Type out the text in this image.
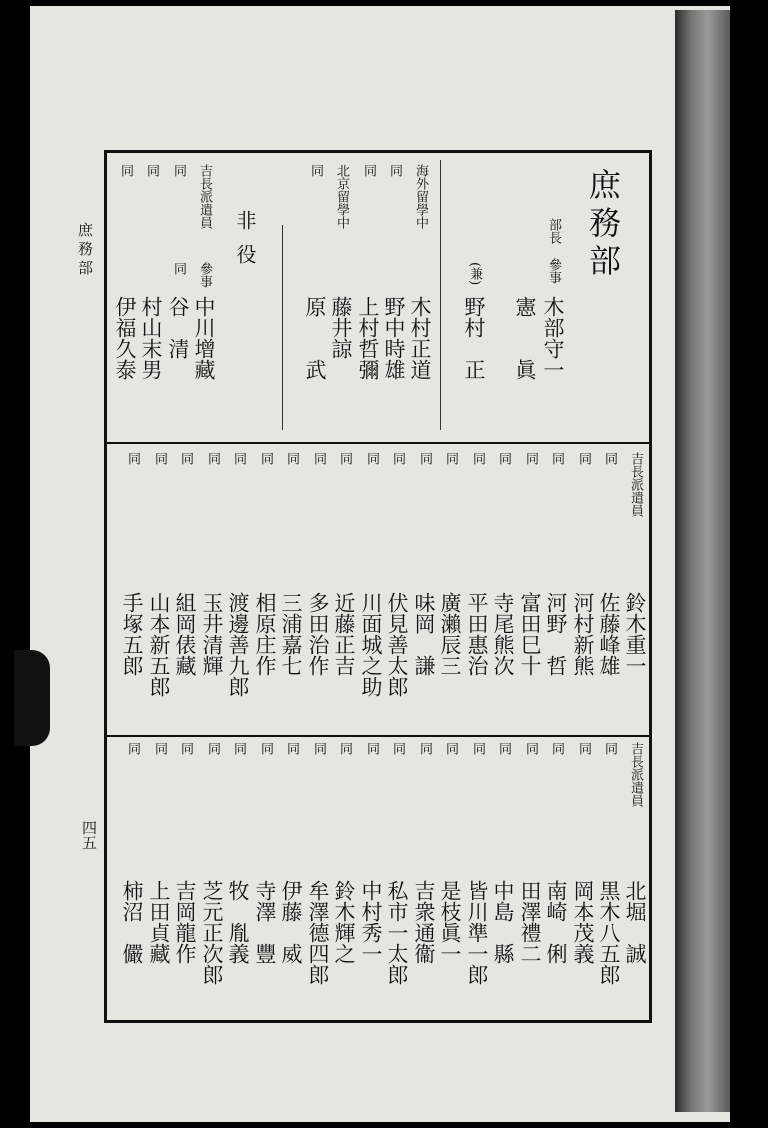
庶務部
四五
庶務部
部長
參事
木部守一
憲　　眞
(兼)
野村　正
海外留學中
木村正道
同
野中時雄
同
上村哲彌
北京留學中
藤井諒
同
原　　武
非役
吉長派遣員
參事
中川增藏
同
同
谷　清
同
村山末男
同
伊福久泰
吉長派遣員
鈴木重一
同
佐藤峰雄
同
河村新熊
同
河野　哲
同
富田巳十
同
寺尾熊次
同
平田惠治
同
廣瀨辰三
同
味岡　謙
同
伏見善太郎
同
川面城之助
同
近藤正吉
同
多田治作
同
三浦嘉七
同
相原庄作
同
渡邊善九郎
同
玉井清輝
同
組岡俵藏
同
山本新五郎
同
手塚五郎
吉長派遣員
北堀　誠
同
黒木八五郎
同
岡本茂義
同
南崎　俐
同
田澤禮二
同
中島　縣
同
皆川準一郎
同
是枝眞一
同
吉衆通衞
同
私市一太郎
同
中村秀一
同
鈴木輝之
同
牟澤德四郎
同
伊藤　威
同
寺澤　豐
同
牧　胤義
同
芝元正次郎
同
吉岡龍作
同
上田貞藏
同
柿沼　儼
